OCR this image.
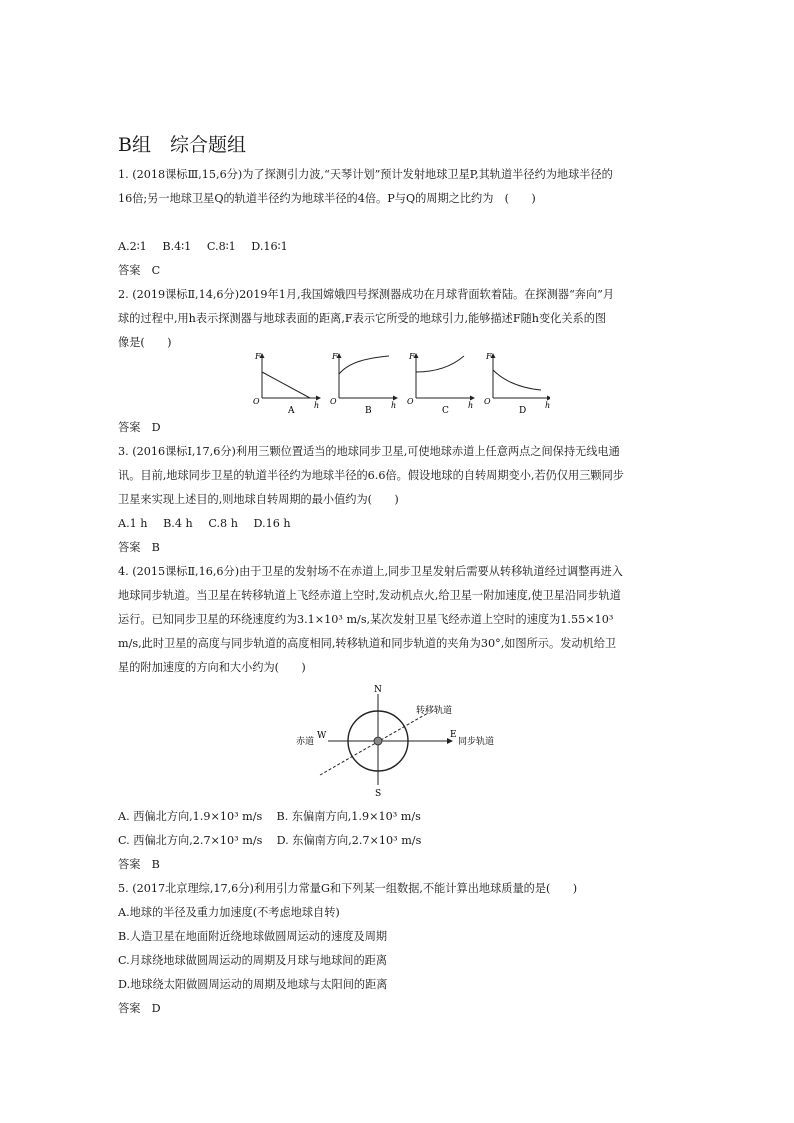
B组　综合题组
1. (2018课标Ⅲ,15,6分)为了探测引力波,“天琴计划”预计发射地球卫星P,其轨道半径约为地球半径的
16倍;另一地球卫星Q的轨道半径约为地球半径的4倍。P与Q的周期之比约为　(　　)
A.2∶1 B.4∶1 C.8∶1 D.16∶1
答案　C
2. (2019课标Ⅱ,14,6分)2019年1月,我国嫦娥四号探测器成功在月球背面软着陆。在探测器“奔向”月
球的过程中,用h表示探测器与地球表面的距离,F表示它所受的地球引力,能够描述F随h变化关系的图
像是(　　)
F
O	h
A
F
O	h
B
F
O	h
C
F
O	h
D
答案　D
3. (2016课标Ⅰ,17,6分)利用三颗位置适当的地球同步卫星,可使地球赤道上任意两点之间保持无线电通
讯。目前,地球同步卫星的轨道半径约为地球半径的6.6倍。假设地球的自转周期变小,若仍仅用三颗同步
卫星来实现上述目的,则地球自转周期的最小值约为(　　)
A.1 h B.4 h C.8 h D.16 h
答案　B
4. (2015课标Ⅱ,16,6分)由于卫星的发射场不在赤道上,同步卫星发射后需要从转移轨道经过调整再进入
地球同步轨道。当卫星在转移轨道上飞经赤道上空时,发动机点火,给卫星一附加速度,使卫星沿同步轨道
运行。已知同步卫星的环绕速度约为3.1×10³ m/s,某次发射卫星飞经赤道上空时的速度为1.55×10³
m/s,此时卫星的高度与同步轨道的高度相同,转移轨道和同步轨道的夹角为30°,如图所示。发动机给卫
星的附加速度的方向和大小约为(　　)
N
S
W	E
赤道
转移轨道
同步轨道
A. 西偏北方向,1.9×10³ m/s B. 东偏南方向,1.9×10³ m/s
C. 西偏北方向,2.7×10³ m/s D. 东偏南方向,2.7×10³ m/s
答案　B
5. (2017北京理综,17,6分)利用引力常量G和下列某一组数据,不能计算出地球质量的是(　　)
A.地球的半径及重力加速度(不考虑地球自转)
B.人造卫星在地面附近绕地球做圆周运动的速度及周期
C.月球绕地球做圆周运动的周期及月球与地球间的距离
D.地球绕太阳做圆周运动的周期及地球与太阳间的距离
答案　D
